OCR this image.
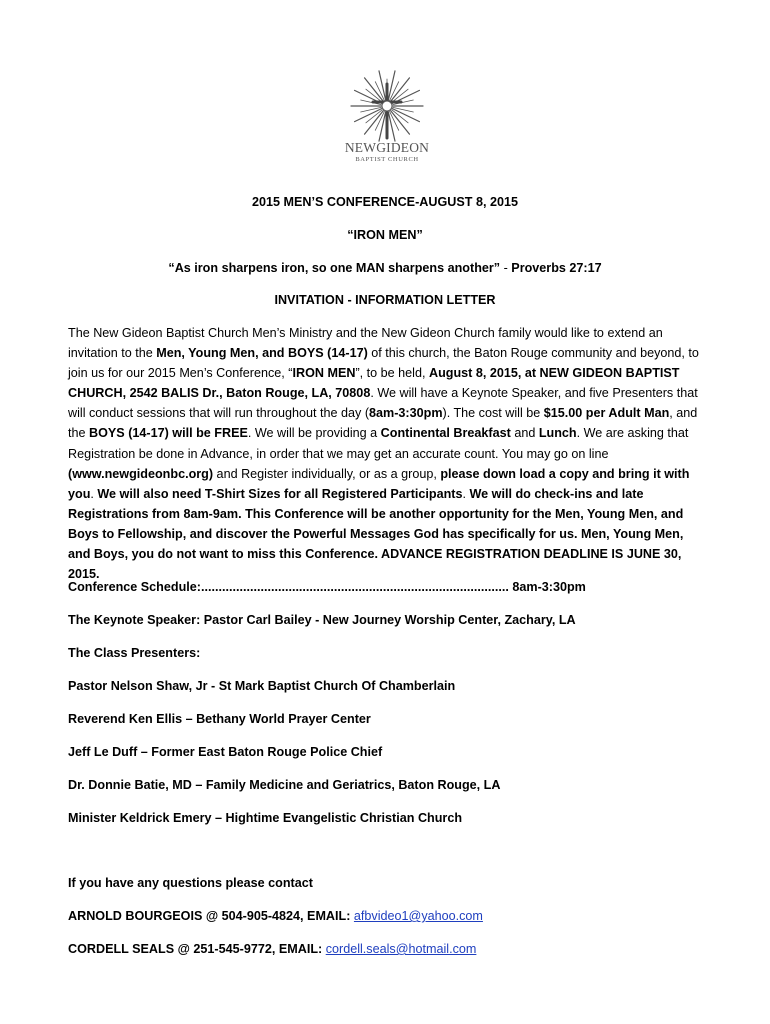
NEWGIDEON
BAPTIST CHURCH
2015 MEN’S CONFERENCE-AUGUST 8, 2015
“IRON MEN”
“As iron sharpens iron, so one MAN sharpens another” - Proverbs 27:17
INVITATION - INFORMATION LETTER

The New Gideon Baptist Church Men’s Ministry and the New Gideon Church family would like to extend an invitation to the Men, Young Men, and BOYS (14-17) of this church, the Baton Rouge community and beyond, to join us for our 2015 Men’s Conference, “IRON MEN”, to be held, August 8, 2015, at NEW GIDEON BAPTIST CHURCH, 2542 BALIS Dr., Baton Rouge, LA, 70808. We will have a Keynote Speaker, and five Presenters that will conduct sessions that will run throughout the day (8am-3:30pm). The cost will be $15.00 per Adult Man, and the BOYS (14-17) will be FREE. We will be providing a Continental Breakfast and Lunch. We are asking that Registration be done in Advance, in order that we may get an accurate count. You may go on line (www.newgideonbc.org) and Register individually, or as a group, please down load a copy and bring it with you. We will also need T-Shirt Sizes for all Registered Participants. We will do check-ins and late Registrations from 8am-9am. This Conference will be another opportunity for the Men, Young Men, and Boys to Fellowship, and discover the Powerful Messages God has specifically for us. Men, Young Men, and Boys, you do not want to miss this Conference. ADVANCE REGISTRATION DEADLINE IS JUNE 30, 2015.

Conference Schedule:........................................................................................ 8am-3:30pm
The Keynote Speaker: Pastor Carl Bailey - New Journey Worship Center, Zachary, LA
The Class Presenters:
Pastor Nelson Shaw, Jr - St Mark Baptist Church Of Chamberlain
Reverend Ken Ellis – Bethany World Prayer Center
Jeff Le Duff – Former East Baton Rouge Police Chief
Dr. Donnie Batie, MD – Family Medicine and Geriatrics, Baton Rouge, LA
Minister Keldrick Emery – Hightime Evangelistic Christian Church
If you have any questions please contact
ARNOLD BOURGEOIS @ 504-905-4824, EMAIL: afbvideo1@yahoo.com
CORDELL SEALS @ 251-545-9772, EMAIL: cordell.seals@hotmail.com
